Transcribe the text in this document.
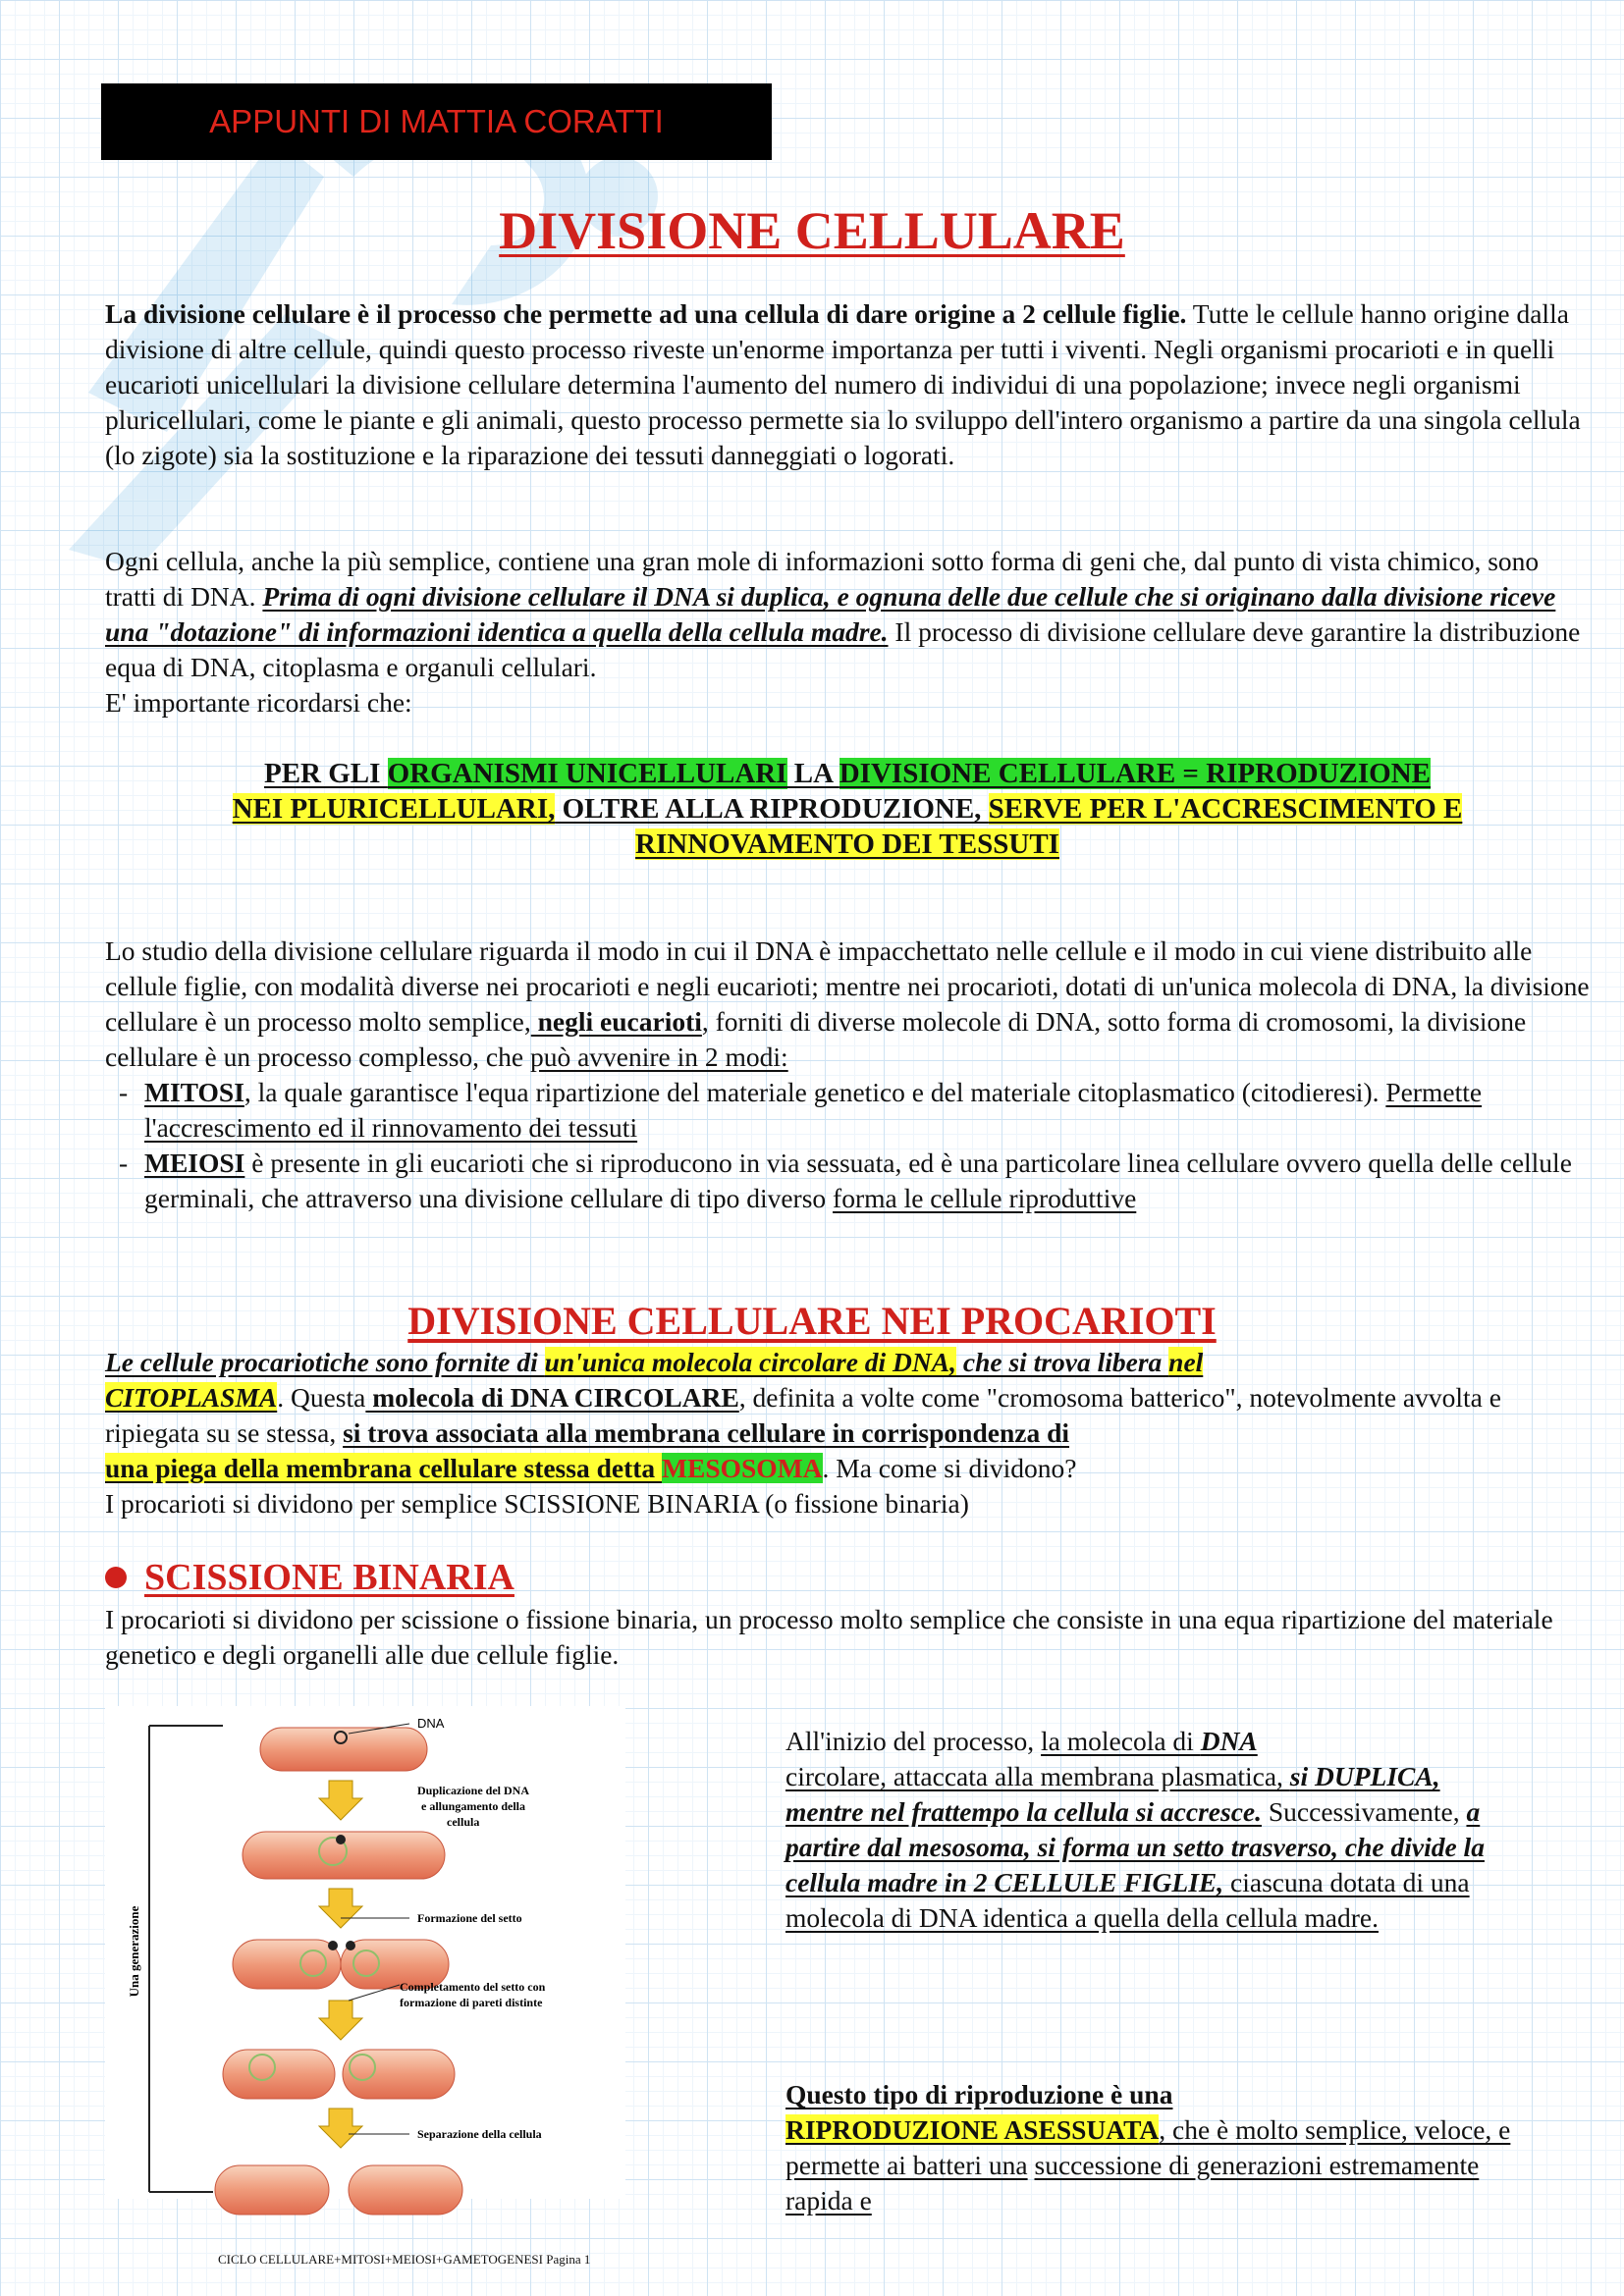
APPUNTI DI MATTIA CORATTI
DIVISIONE CELLULARE
La divisione cellulare è il processo che permette ad una cellula di dare origine a 2 cellule figlie. Tutte le cellule hanno origine dalla divisione di altre cellule, quindi questo processo riveste un'enorme importanza per tutti i viventi. Negli organismi procarioti e in quelli eucarioti unicellulari la divisione cellulare determina l'aumento del numero di individui di una popolazione; invece negli organismi pluricellulari, come le piante e gli animali, questo processo permette sia lo sviluppo dell'intero organismo a partire da una singola cellula (lo zigote) sia la sostituzione e la riparazione dei tessuti danneggiati o logorati.
Ogni cellula, anche la più semplice, contiene una gran mole di informazioni sotto forma di geni che, dal punto di vista chimico, sono tratti di DNA. Prima di ogni divisione cellulare il DNA si duplica, e ognuna delle due cellule che si originano dalla divisione riceve una "dotazione" di informazioni identica a quella della cellula madre. Il processo di divisione cellulare deve garantire la distribuzione equa di DNA, citoplasma e organuli cellulari.
E' importante ricordarsi che:
PER GLI ORGANISMI UNICELLULARI LA DIVISIONE CELLULARE = RIPRODUZIONE
NEI PLURICELLULARI, OLTRE ALLA RIPRODUZIONE, SERVE PER L'ACCRESCIMENTO E
RINNOVAMENTO DEI TESSUTI
Lo studio della divisione cellulare riguarda il modo in cui il DNA è impacchettato nelle cellule e il modo in cui viene distribuito alle cellule figlie, con modalità diverse nei procarioti e negli eucarioti; mentre nei procarioti, dotati di un'unica molecola di DNA, la divisione cellulare è un processo molto semplice, negli eucarioti, forniti di diverse molecole di DNA, sotto forma di cromosomi, la divisione cellulare è un processo complesso, che può avvenire in 2 modi:
- MITOSI, la quale garantisce l'equa ripartizione del materiale genetico e del materiale citoplasmatico (citodieresi). Permette l'accrescimento ed il rinnovamento dei tessuti
- MEIOSI è presente in gli eucarioti che si riproducono in via sessuata, ed è una particolare linea cellulare ovvero quella delle cellule germinali, che attraverso una divisione cellulare di tipo diverso forma le cellule riproduttive
DIVISIONE CELLULARE NEI PROCARIOTI
Le cellule procariotiche sono fornite di un'unica molecola circolare di DNA, che si trova libera nel
CITOPLASMA. Questa molecola di DNA CIRCOLARE, definita a volte come "cromosoma batterico", notevolmente avvolta e ripiegata su se stessa, si trova associata alla membrana cellulare in corrispondenza di
una piega della membrana cellulare stessa detta MESOSOMA. Ma come si dividono?
I procarioti si dividono per semplice SCISSIONE BINARIA (o fissione binaria)
SCISSIONE BINARIA
I procarioti si dividono per scissione o fissione binaria, un processo molto semplice che consiste in una equa ripartizione del materiale genetico e degli organelli alle due cellule figlie.
Una generazione
DNA
Duplicazione del DNA
e allungamento della
cellula
Formazione del setto
Completamento del setto con
formazione di pareti distinte
Separazione della cellula
All'inizio del processo, la molecola di DNA
circolare, attaccata alla membrana plasmatica, si DUPLICA, mentre nel frattempo la cellula si accresce. Successivamente, a partire dal mesosoma, si forma un setto trasverso, che divide la cellula madre in 2 CELLULE FIGLIE, ciascuna dotata di una molecola di DNA identica a quella della cellula madre.
Questo tipo di riproduzione è una
RIPRODUZIONE ASESSUATA, che è molto semplice, veloce, e permette ai batteri una successione di generazioni estremamente rapida e
CICLO CELLULARE+MITOSI+MEIOSI+GAMETOGENESI Pagina 1
